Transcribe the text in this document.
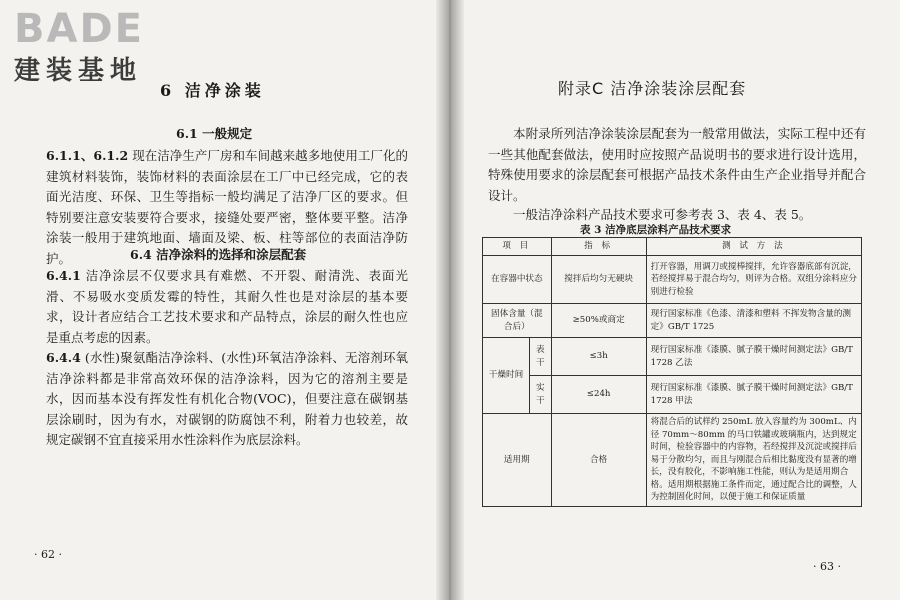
BADE
建装基地
6 洁净涂装
6.1 一般规定
6.1.1、6.1.2 现在洁净生产厂房和车间越来越多地使用工厂化的建筑材料装饰，装饰材料的表面涂层在工厂中已经完成，它的表面光洁度、环保、卫生等指标一般均满足了洁净厂区的要求。但特别要注意安装要符合要求，接缝处要严密，整体要平整。洁净涂装一般用于建筑地面、墙面及梁、板、柱等部位的表面洁净防护。	6.4 洁净涂料的选择和涂层配套
6.4.1 洁净涂层不仅要求具有难燃、不开裂、耐清洗、表面光滑、不易吸水变质发霉的特性，其耐久性也是对涂层的基本要求，设计者应结合工艺技术要求和产品特点，涂层的耐久性也应是重点考虑的因素。
6.4.4 (水性)聚氨酯洁净涂料、(水性)环氧洁净涂料、无溶剂环氧洁净涂料都是非常高效环保的洁净涂料，因为它的溶剂主要是水，因而基本没有挥发性有机化合物(VOC)，但要注意在碳钢基层涂刷时，因为有水，对碳钢的防腐蚀不利，附着力也较差，故规定碳钢不宜直接采用水性涂料作为底层涂料。
· 62 ·
附录C 洁净涂装涂层配套
本附录所列洁净涂装涂层配套为一般常用做法，实际工程中还有一些其他配套做法，使用时应按照产品说明书的要求进行设计选用，特殊使用要求的涂层配套可根据产品技术条件由生产企业指导并配合设计。
一般洁净涂料产品技术要求可参考表 3、表 4、表 5。
表 3 洁净底层涂料产品技术要求
项 目		指 标	测 试 方 法
在容器中状态		搅拌后均匀无硬块	打开容器，用调刀或搅棒搅拌，允许容器底部有沉淀，若经搅拌易于混合均匀，则评为合格。双组分涂料应分别进行检验
固体含量（混合后）		≥50%或商定	现行国家标准《色漆、清漆和塑料 不挥发物含量的测定》GB/T 1725
干燥时间	表干	≤3h	现行国家标准《漆膜、腻子膜干燥时间测定法》GB/T 1728 乙法
	实干	≤24h	现行国家标准《漆膜、腻子膜干燥时间测定法》GB/T 1728 甲法
适用期		合格	将混合后的试样约 250mL 放入容量约为 300mL、内径 70mm～80mm 的马口铁罐或玻璃瓶内，达到规定时间，检验容器中的内容物，若经搅拌及沉淀或搅拌后易于分散均匀，而且与刚混合后相比黏度没有显著的增长，没有胶化，不影响施工性能，则认为是适用期合格。适用期根据施工条件而定，通过配合比的调整，人为控制固化时间，以便于施工和保证质量
· 63 ·
